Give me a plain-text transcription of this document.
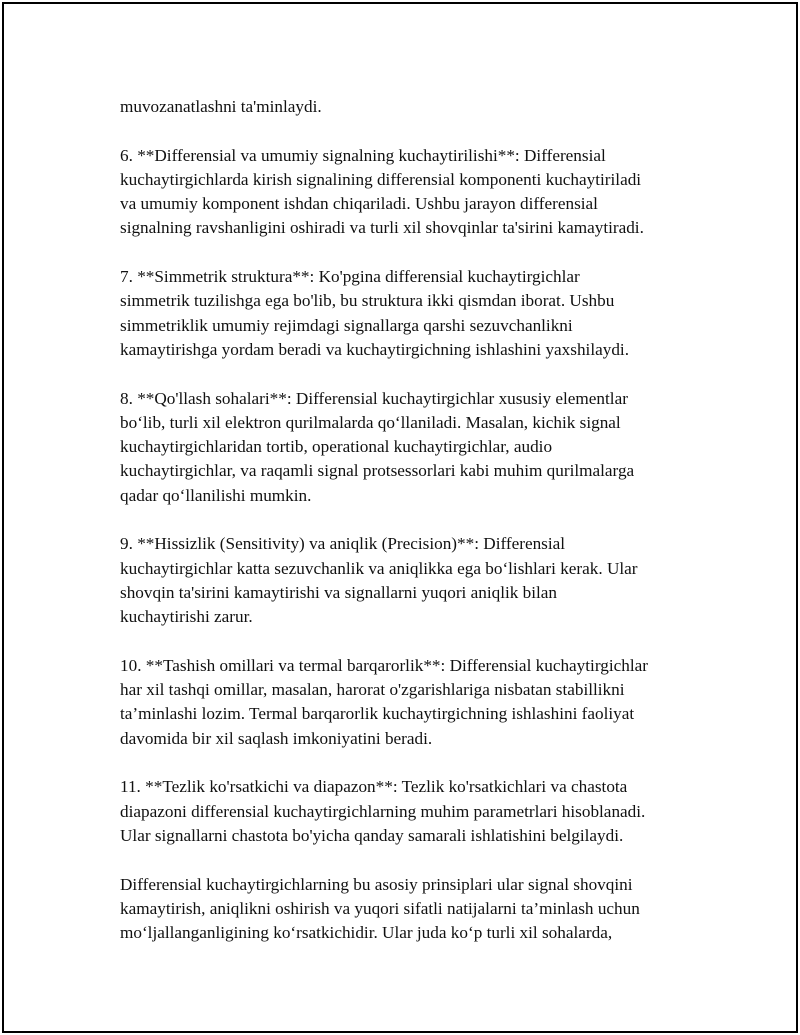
muvozanatlashni ta'minlaydi.
6. **Differensial va umumiy signalning kuchaytirilishi**: Differensial
kuchaytirgichlarda kirish signalining differensial komponenti kuchaytiriladi
va umumiy komponent ishdan chiqariladi. Ushbu jarayon differensial
signalning ravshanligini oshiradi va turli xil shovqinlar ta'sirini kamaytiradi.
7. **Simmetrik struktura**: Ko'pgina differensial kuchaytirgichlar
simmetrik tuzilishga ega bo'lib, bu struktura ikki qismdan iborat. Ushbu
simmetriklik umumiy rejimdagi signallarga qarshi sezuvchanlikni
kamaytirishga yordam beradi va kuchaytirgichning ishlashini yaxshilaydi.
8. **Qo'llash sohalari**: Differensial kuchaytirgichlar xususiy elementlar
bo‘lib, turli xil elektron qurilmalarda qo‘llaniladi. Masalan, kichik signal
kuchaytirgichlaridan tortib, operational kuchaytirgichlar, audio
kuchaytirgichlar, va raqamli signal protsessorlari kabi muhim qurilmalarga
qadar qo‘llanilishi mumkin.
9. **Hissizlik (Sensitivity) va aniqlik (Precision)**: Differensial
kuchaytirgichlar katta sezuvchanlik va aniqlikka ega bo‘lishlari kerak. Ular
shovqin ta'sirini kamaytirishi va signallarni yuqori aniqlik bilan
kuchaytirishi zarur.
10. **Tashish omillari va termal barqarorlik**: Differensial kuchaytirgichlar
har xil tashqi omillar, masalan, harorat o'zgarishlariga nisbatan stabillikni
ta’minlashi lozim. Termal barqarorlik kuchaytirgichning ishlashini faoliyat
davomida bir xil saqlash imkoniyatini beradi.
11. **Tezlik ko'rsatkichi va diapazon**: Tezlik ko'rsatkichlari va chastota
diapazoni differensial kuchaytirgichlarning muhim parametrlari hisoblanadi.
Ular signallarni chastota bo'yicha qanday samarali ishlatishini belgilaydi.
Differensial kuchaytirgichlarning bu asosiy prinsiplari ular signal shovqini
kamaytirish, aniqlikni oshirish va yuqori sifatli natijalarni ta’minlash uchun
mo‘ljallanganligining ko‘rsatkichidir. Ular juda ko‘p turli xil sohalarda,
